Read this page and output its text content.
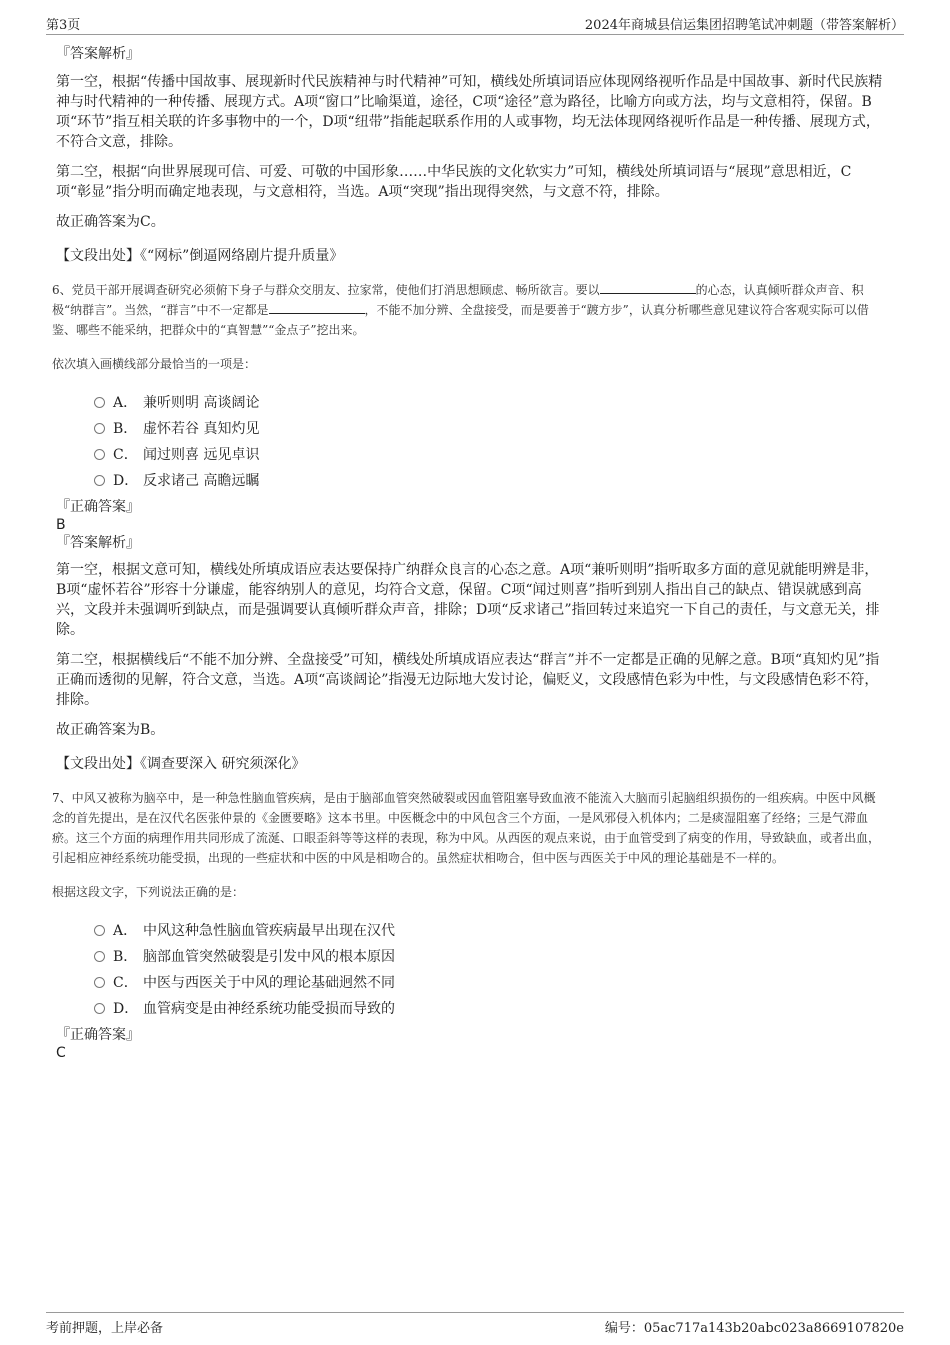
第3页	2024年商城县信运集团招聘笔试冲刺题（带答案解析）

『答案解析』

第一空，根据“传播中国故事、展现新时代民族精神与时代精神”可知，横线处所填词语应体现网络视听作品是中国故事、新时代民族精神与时代精神的一种传播、展现方式。A项“窗口”比喻渠道，途径，C项“途径”意为路径，比喻方向或方法，均与文意相符，保留。B项“环节”指互相关联的许多事物中的一个，D项“纽带”指能起联系作用的人或事物，均无法体现网络视听作品是一种传播、展现方式，不符合文意，排除。

第二空，根据“向世界展现可信、可爱、可敬的中国形象……中华民族的文化软实力”可知，横线处所填词语与“展现”意思相近，C项“彰显”指分明而确定地表现，与文意相符，当选。A项“突现”指出现得突然，与文意不符，排除。

故正确答案为C。

【文段出处】《“网标”倒逼网络剧片提升质量》

6、党员干部开展调查研究必须俯下身子与群众交朋友、拉家常，使他们打消思想顾虑、畅所欲言。要以	的心态，认真倾听群众声音、积极“纳群言”。当然，“群言”中不一定都是	，不能不加分辨、全盘接受，而是要善于“踱方步”，认真分析哪些意见建议符合客观实际可以借鉴、哪些不能采纳，把群众中的“真智慧”“金点子”挖出来。

依次填入画横线部分最恰当的一项是：

A． 兼听则明 高谈阔论
B． 虚怀若谷 真知灼见
C． 闻过则喜 远见卓识
D． 反求诸己 高瞻远瞩

『正确答案』

B

『答案解析』

第一空，根据文意可知，横线处所填成语应表达要保持广纳群众良言的心态之意。A项“兼听则明”指听取多方面的意见就能明辨是非，B项“虚怀若谷”形容十分谦虚，能容纳别人的意见，均符合文意，保留。C项“闻过则喜”指听到别人指出自己的缺点、错误就感到高兴，文段并未强调听到缺点，而是强调要认真倾听群众声音，排除；D项“反求诸己”指回转过来追究一下自己的责任，与文意无关，排除。

第二空，根据横线后“不能不加分辨、全盘接受”可知，横线处所填成语应表达“群言”并不一定都是正确的见解之意。B项“真知灼见”指正确而透彻的见解，符合文意，当选。A项“高谈阔论”指漫无边际地大发讨论，偏贬义，文段感情色彩为中性，与文段感情色彩不符，排除。

故正确答案为B。

【文段出处】《调查要深入 研究须深化》

7、中风又被称为脑卒中，是一种急性脑血管疾病，是由于脑部血管突然破裂或因血管阻塞导致血液不能流入大脑而引起脑组织损伤的一组疾病。中医中风概念的首先提出，是在汉代名医张仲景的《金匮要略》这本书里。中医概念中的中风包含三个方面，一是风邪侵入机体内；二是痰湿阻塞了经络；三是气滞血瘀。这三个方面的病理作用共同形成了流涎、口眼歪斜等等这样的表现，称为中风。从西医的观点来说，由于血管受到了病变的作用，导致缺血，或者出血，引起相应神经系统功能受损，出现的一些症状和中医的中风是相吻合的。虽然症状相吻合，但中医与西医关于中风的理论基础是不一样的。

根据这段文字，下列说法正确的是：

A． 中风这种急性脑血管疾病最早出现在汉代
B． 脑部血管突然破裂是引发中风的根本原因
C． 中医与西医关于中风的理论基础迥然不同
D． 血管病变是由神经系统功能受损而导致的

『正确答案』

C

考前押题，上岸必备	编号：05ac717a143b20abc023a8669107820e
